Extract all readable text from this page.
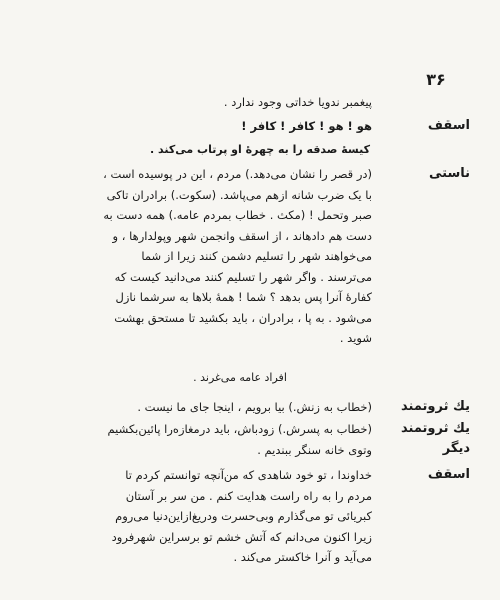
۳۶
پیغمبر ندویا خداتی وجود ندارد .
اسقف
هو ! هو ! کافر ! کافر !
کیسهٔ صدقه را به چهرهٔ او پرتاب می‌کند .
ناستی
(در قصر را نشان می‌دهد.) مردم ، این در پوسیده است ،
با یک ضرب شانه ازهم می‌پاشد. (سکوت.) برادران تاکی
صبر وتحمل ! (مکث . خطاب بمردم عامه.) همه دست به
دست هم دادهاند ، از اسقف وانجمن شهر وپولدارها ، و
می‌خواهند شهر را تسلیم دشمن کنند زیرا از شما
می‌ترسند . واگر شهر را تسلیم کنند می‌دانید کیست که
کفارهٔ آنرا پس بدهد ؟ شما ! همهٔ بلاها به سرشما نازل
می‌شود . به پا ، برادران ، باید بکشید تا مستحق بهشت
شوید .
افراد عامه می‌غرند .
یك ثروتمند
(خطاب به زنش.) بیا برویم ، اینجا جای ما نیست .
یك ثروتمند دیگر
(خطاب به پسرش.) زودباش، باید درمغازه‌را پائین‌بکشیم
وتوی خانه سنگر ببندیم .
اسقف
خداوندا ، تو خود شاهدی که من‌آنچه توانستم کردم تا
مردم را به راه راست هدایت کنم . من سر بر آستان
کبریائی تو می‌گذارم وبی‌حسرت ودریغ‌ازاین‌دنیا می‌روم
زیرا اکنون می‌دانم که آتش خشم تو برسراین شهرفرود
می‌آید و آنرا خاکستر می‌کند .
